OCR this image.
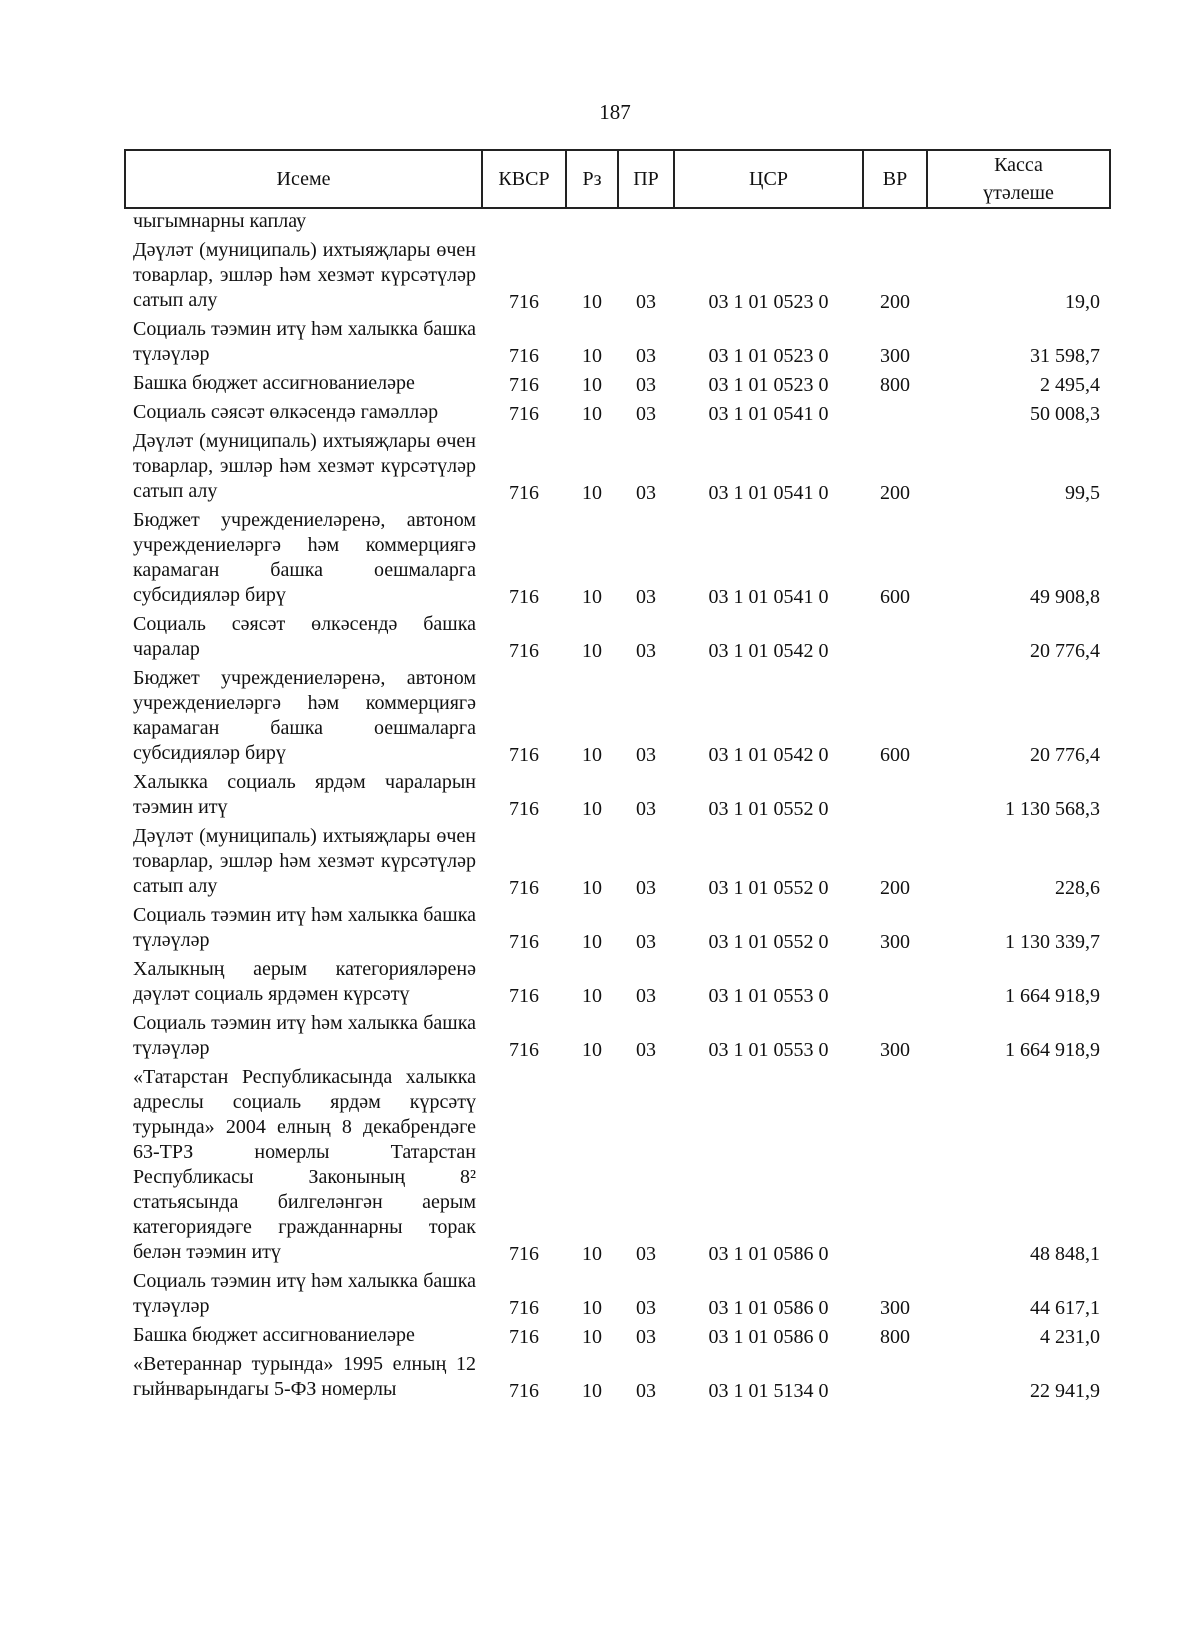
187
Исеме	КВСР	Рз	ПР	ЦСР	ВР	Касса
үтәлеше
чыгымнарны каплау						
Дәүләт (муниципаль) ихтыяҗлары өчен товарлар, эшләр һәм хезмәт күрсәтүләр сатып алу	716	10	03	03 1 01 0523 0	200	19,0
Социаль тәэмин итү һәм халыкка башка түләүләр	716	10	03	03 1 01 0523 0	300	31 598,7
Башка бюджет ассигнованиеләре	716	10	03	03 1 01 0523 0	800	2 495,4
Социаль сәясәт өлкәсендә гамәлләр	716	10	03	03 1 01 0541 0		50 008,3
Дәүләт (муниципаль) ихтыяҗлары өчен товарлар, эшләр һәм хезмәт күрсәтүләр сатып алу	716	10	03	03 1 01 0541 0	200	99,5
Бюджет учреждениеләренә, автоном учреждениеләргә һәм коммерциягә карамаган башка оешмаларга субсидияләр бирү	716	10	03	03 1 01 0541 0	600	49 908,8
Социаль сәясәт өлкәсендә башка чаралар	716	10	03	03 1 01 0542 0		20 776,4
Бюджет учреждениеләренә, автоном учреждениеләргә һәм коммерциягә карамаган башка оешмаларга субсидияләр бирү	716	10	03	03 1 01 0542 0	600	20 776,4
Халыкка социаль ярдәм чараларын тәэмин итү	716	10	03	03 1 01 0552 0		1 130 568,3
Дәүләт (муниципаль) ихтыяҗлары өчен товарлар, эшләр һәм хезмәт күрсәтүләр сатып алу	716	10	03	03 1 01 0552 0	200	228,6
Социаль тәэмин итү һәм халыкка башка түләүләр	716	10	03	03 1 01 0552 0	300	1 130 339,7
Халыкның аерым категорияләренә дәүләт социаль ярдәмен күрсәтү	716	10	03	03 1 01 0553 0		1 664 918,9
Социаль тәэмин итү һәм халыкка башка түләүләр	716	10	03	03 1 01 0553 0	300	1 664 918,9
«Татарстан Республикасында халыкка адреслы социаль ярдәм күрсәтү турында» 2004 елның 8 декабрендәге 63-ТРЗ номерлы Татарстан Республикасы Законының 8² статьясында билгеләнгән аерым категориядәге гражданнарны торак белән тәэмин итү	716	10	03	03 1 01 0586 0		48 848,1
Социаль тәэмин итү һәм халыкка башка түләүләр	716	10	03	03 1 01 0586 0	300	44 617,1
Башка бюджет ассигнованиеләре	716	10	03	03 1 01 0586 0	800	4 231,0
«Ветераннар турында» 1995 елның 12 гыйнварындагы 5-ФЗ номерлы	716	10	03	03 1 01 5134 0		22 941,9
